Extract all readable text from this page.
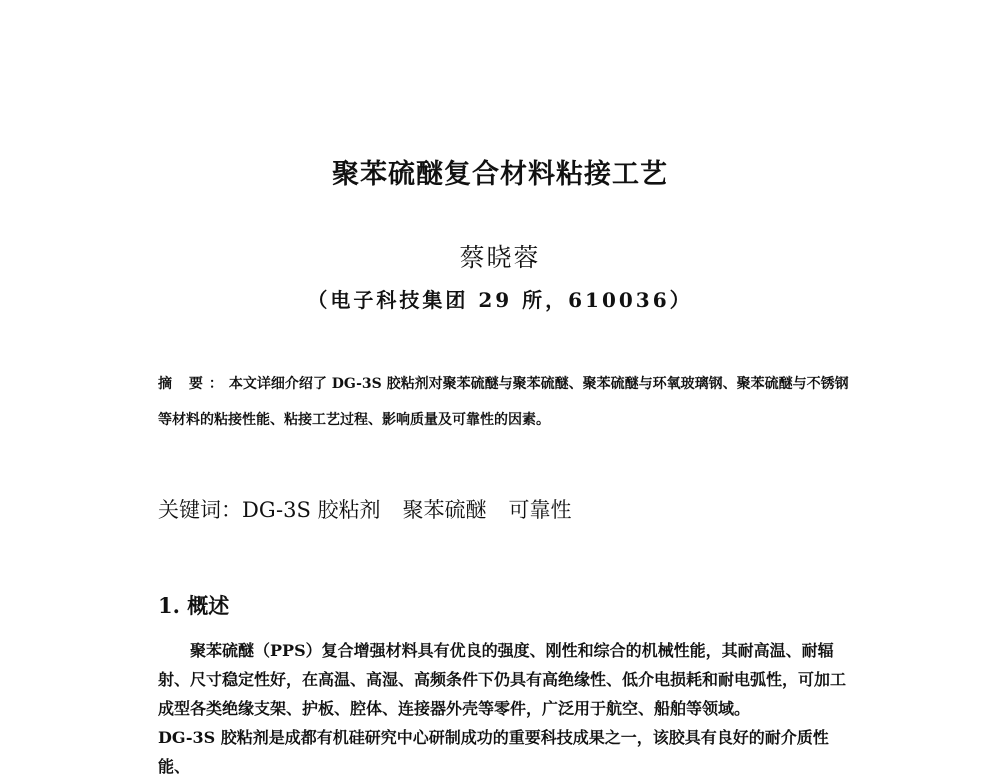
聚苯硫醚复合材料粘接工艺
蔡晓蓉
（电子科技集团 29 所，610036）
摘 要：本文详细介绍了 DG-3S 胶粘剂对聚苯硫醚与聚苯硫醚、聚苯硫醚与环氧玻璃钢、聚苯硫醚与不锈钢等材料的粘接性能、粘接工艺过程、影响质量及可靠性的因素。
关键词：DG-3S 胶粘剂 聚苯硫醚 可靠性
1. 概述

聚苯硫醚（PPS）复合增强材料具有优良的强度、刚性和综合的机械性能，其耐高温、耐辐射、尺寸稳定性好，在高温、高湿、高频条件下仍具有高绝缘性、低介电损耗和耐电弧性，可加工成型各类绝缘支架、护板、腔体、连接器外壳等零件，广泛用于航空、船舶等领域。

DG-3S 胶粘剂是成都有机硅研究中心研制成功的重要科技成果之一，该胶具有良好的耐介质性能、
